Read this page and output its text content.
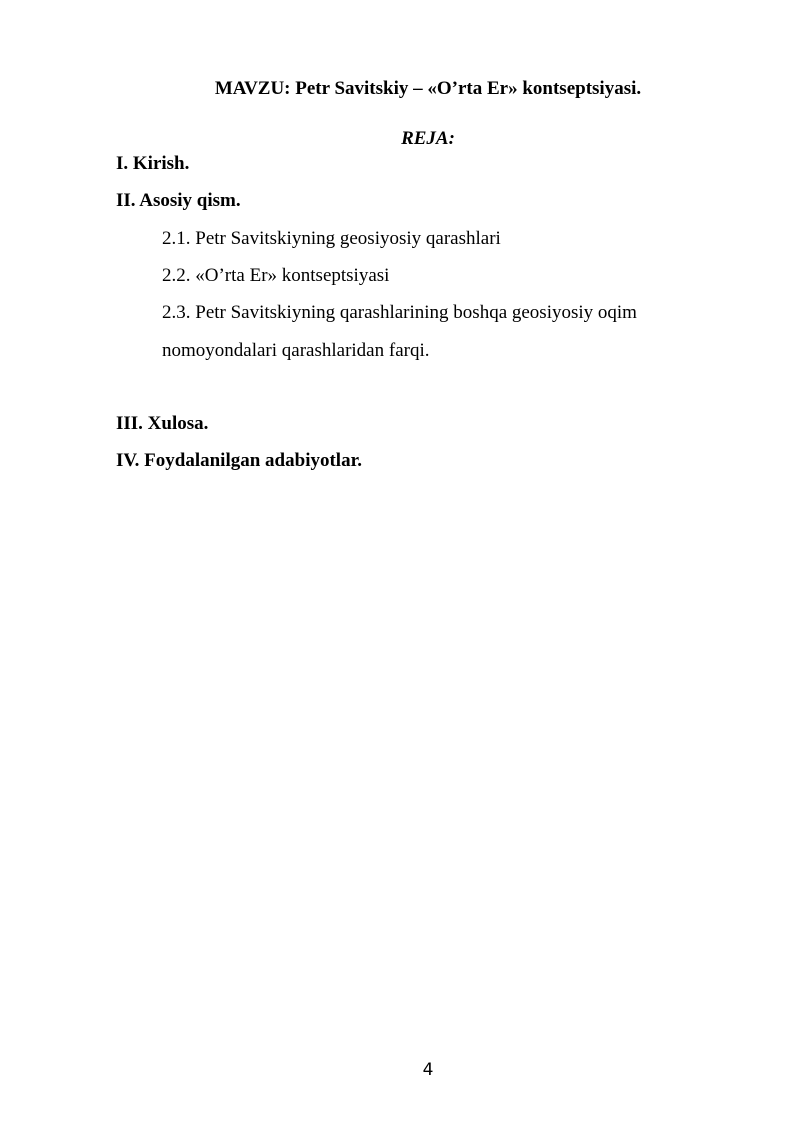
MAVZU: Petr Savitskiy – «O’rta Er» kontseptsiyasi.
REJA:
I. Kirish.
II. Asosiy qism.
2.1. Petr Savitskiyning geosiyosiy qarashlari
2.2. «O’rta Er» kontseptsiyasi
2.3. Petr Savitskiyning qarashlarining boshqa geosiyosiy oqim
nomoyondalari qarashlaridan farqi.
III. Xulosa.
IV. Foydalanilgan adabiyotlar.
4
